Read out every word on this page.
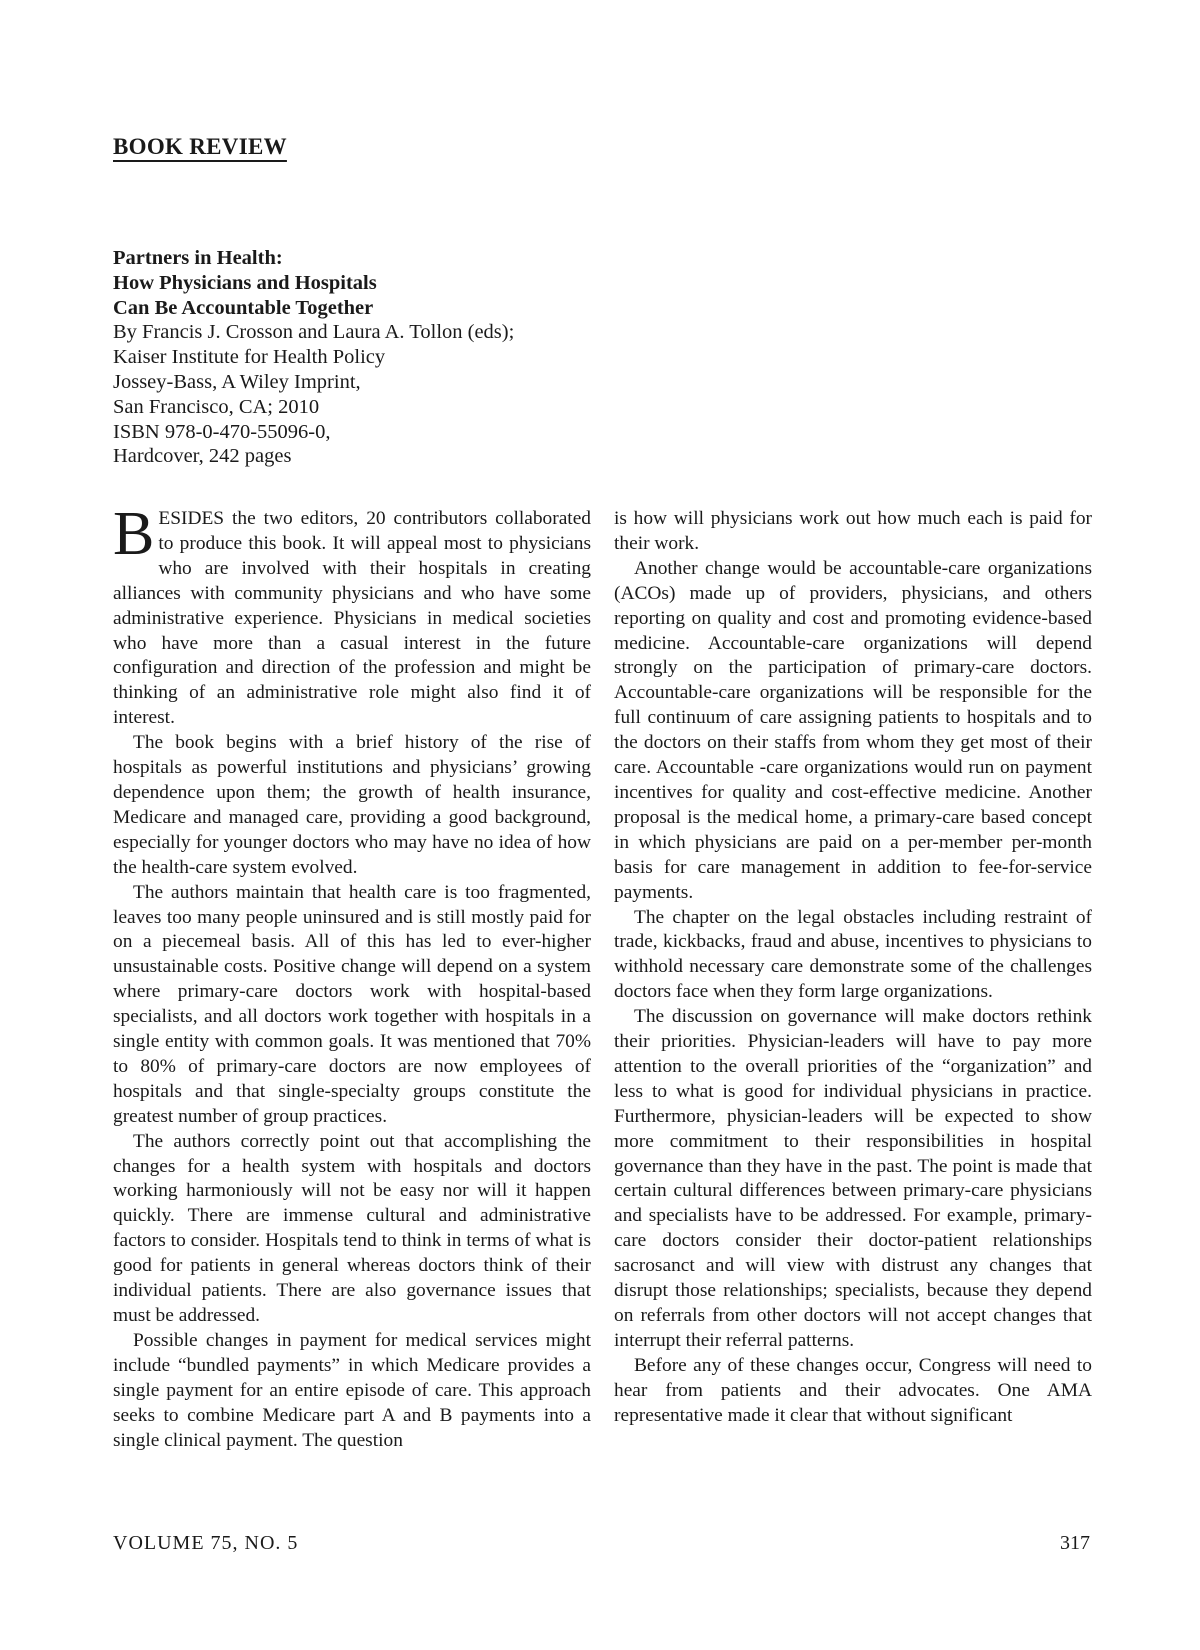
BOOK REVIEW
Partners in Health:
How Physicians and Hospitals
Can Be Accountable Together
By Francis J. Crosson and Laura A. Tollon (eds);
Kaiser Institute for Health Policy
Jossey-Bass, A Wiley Imprint,
San Francisco, CA; 2010
ISBN 978-0-470-55096-0,
Hardcover, 242 pages

BESIDES the two editors, 20 contributors collaborated to produce this book. It will appeal most to physicians who are involved with their hospitals in creating alliances with community physicians and who have some administrative experience. Physicians in medical societies who have more than a casual interest in the future configuration and direction of the profession and might be thinking of an administrative role might also find it of interest.

The book begins with a brief history of the rise of hospitals as powerful institutions and physicians’ growing dependence upon them; the growth of health insurance, Medicare and managed care, providing a good background, especially for younger doctors who may have no idea of how the health-care system evolved.

The authors maintain that health care is too fragmented, leaves too many people uninsured and is still mostly paid for on a piecemeal basis. All of this has led to ever-higher unsustainable costs. Positive change will depend on a system where primary-care doctors work with hospital-based specialists, and all doctors work together with hospitals in a single entity with common goals. It was mentioned that 70% to 80% of primary-care doctors are now employees of hospitals and that single-specialty groups constitute the greatest number of group practices.

The authors correctly point out that accomplishing the changes for a health system with hospitals and doctors working harmoniously will not be easy nor will it happen quickly. There are immense cultural and administrative factors to consider. Hospitals tend to think in terms of what is good for patients in general whereas doctors think of their individual patients. There are also governance issues that must be addressed.

Possible changes in payment for medical services might include “bundled payments” in which Medicare provides a single payment for an entire episode of care. This approach seeks to combine Medicare part A and B payments into a single clinical payment. The question

is how will physicians work out how much each is paid for their work.

Another change would be accountable-care organizations (ACOs) made up of providers, physicians, and others reporting on quality and cost and promoting evidence-based medicine. Accountable-care organizations will depend strongly on the participation of primary-care doctors. Accountable-care organizations will be responsible for the full continuum of care assigning patients to hospitals and to the doctors on their staffs from whom they get most of their care. Accountable -care organizations would run on payment incentives for quality and cost-effective medicine. Another proposal is the medical home, a primary-care based concept in which physicians are paid on a per-member per-month basis for care management in addition to fee-for-service payments.

The chapter on the legal obstacles including restraint of trade, kickbacks, fraud and abuse, incentives to physicians to withhold necessary care demonstrate some of the challenges doctors face when they form large organizations.

The discussion on governance will make doctors rethink their priorities. Physician-leaders will have to pay more attention to the overall priorities of the “organization” and less to what is good for individual physicians in practice. Furthermore, physician-leaders will be expected to show more commitment to their responsibilities in hospital governance than they have in the past. The point is made that certain cultural differences between primary-care physicians and specialists have to be addressed. For example, primary-care doctors consider their doctor-patient relationships sacrosanct and will view with distrust any changes that disrupt those relationships; specialists, because they depend on referrals from other doctors will not accept changes that interrupt their referral patterns.

Before any of these changes occur, Congress will need to hear from patients and their advocates. One AMA representative made it clear that without significant

VOLUME 75, NO. 5	317
